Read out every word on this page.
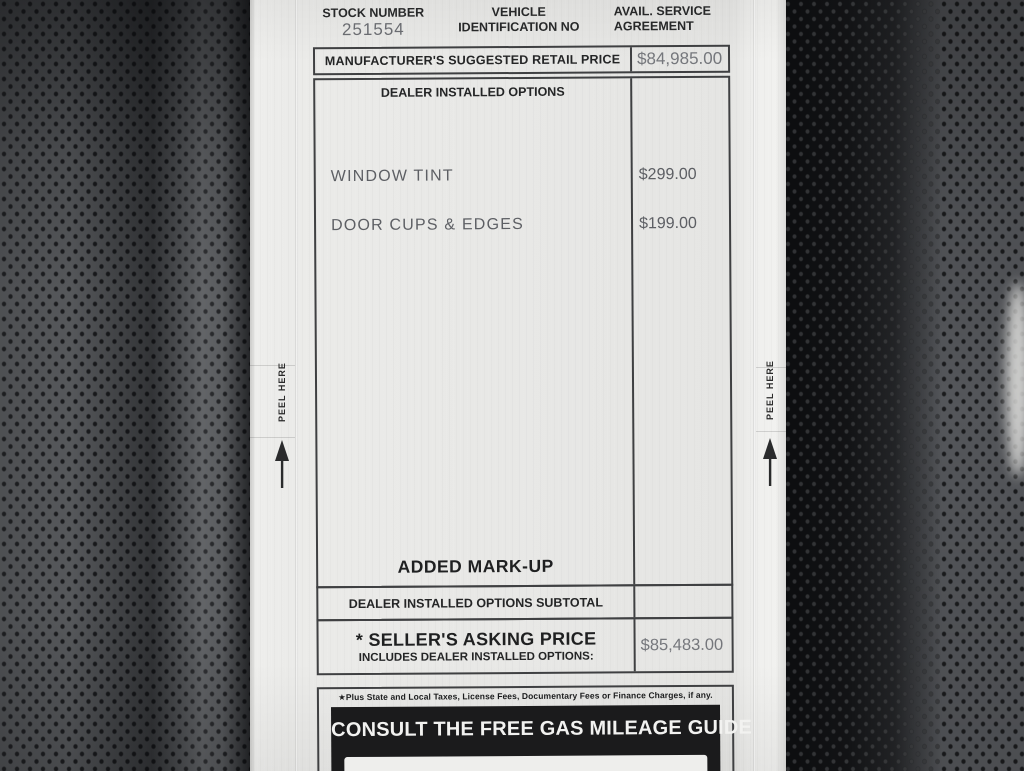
PEEL HERE	PEEL HERE
STOCK NUMBER
251554
VEHICLE
IDENTIFICATION NO
AVAIL. SERVICE
AGREEMENT
MANUFACTURER'S SUGGESTED RETAIL PRICE $84,985.00
DEALER INSTALLED OPTIONS
WINDOW TINT	$299.00
DOOR CUPS & EDGES	$199.00
ADDED MARK-UP
DEALER INSTALLED OPTIONS SUBTOTAL
* SELLER'S ASKING PRICE
INCLUDES DEALER INSTALLED OPTIONS:
$85,483.00
★Plus State and Local Taxes, License Fees, Documentary Fees or Finance Charges, if any.
CONSULT THE FREE GAS MILEAGE GUIDE
